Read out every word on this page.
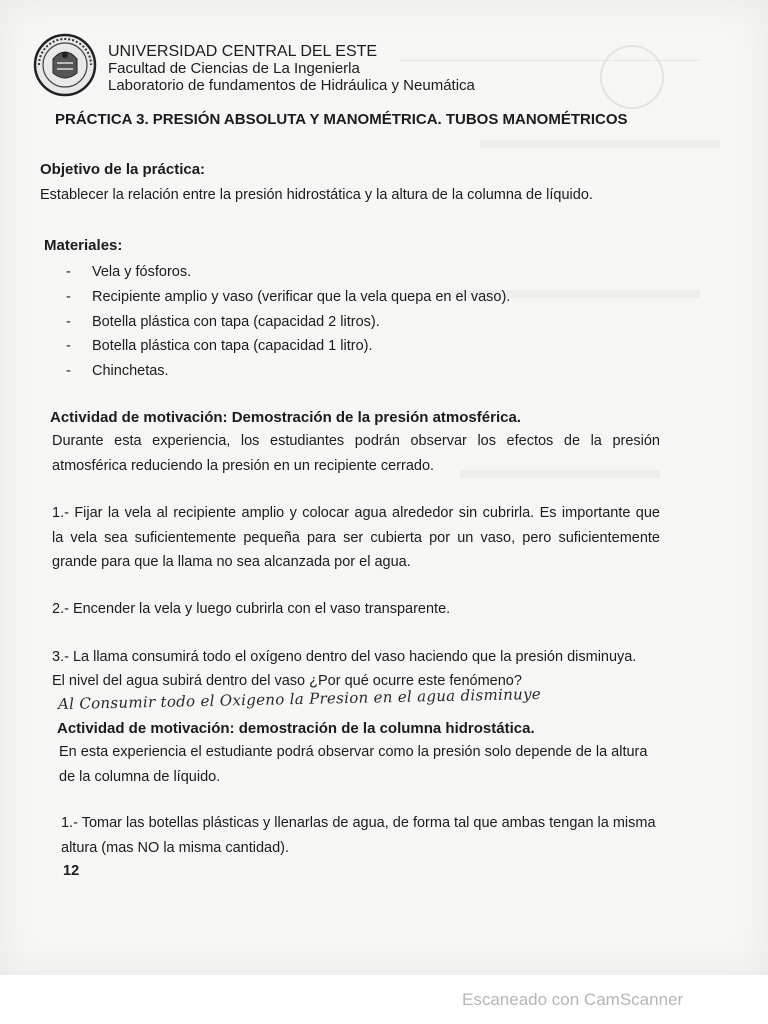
UNIVERSIDAD CENTRAL DEL ESTE
Facultad de Ciencias de La Ingenierla
Laboratorio de fundamentos de Hidráulica y Neumática
PRÁCTICA 3. PRESIÓN ABSOLUTA Y MANOMÉTRICA. TUBOS MANOMÉTRICOS
Objetivo de la práctica:
Establecer la relación entre la presión hidrostática y la altura de la columna de líquido.
Materiales:
- Vela y fósforos.
- Recipiente amplio y vaso (verificar que la vela quepa en el vaso).
- Botella plástica con tapa (capacidad 2 litros).
- Botella plástica con tapa (capacidad 1 litro).
- Chinchetas.
Actividad de motivación: Demostración de la presión atmosférica.
Durante esta experiencia, los estudiantes podrán observar los efectos de la presión
atmosférica reduciendo la presión en un recipiente cerrado.
1.- Fijar la vela al recipiente amplio y colocar agua alrededor sin cubrirla. Es importante que
la vela sea suficientemente pequeña para ser cubierta por un vaso, pero suficientemente
grande para que la llama no sea alcanzada por el agua.
2.- Encender la vela y luego cubrirla con el vaso transparente.
3.- La llama consumirá todo el oxígeno dentro del vaso haciendo que la presión disminuya.
El nivel del agua subirá dentro del vaso ¿Por qué ocurre este fenómeno?
Al Consumir todo el Oxigeno la Presion en el agua disminuye
Actividad de motivación: demostración de la columna hidrostática.
En esta experiencia el estudiante podrá observar como la presión solo depende de la altura
de la columna de líquido.
1.- Tomar las botellas plásticas y llenarlas de agua, de forma tal que ambas tengan la misma
altura (mas NO la misma cantidad).
12
Escaneado con CamScanner
